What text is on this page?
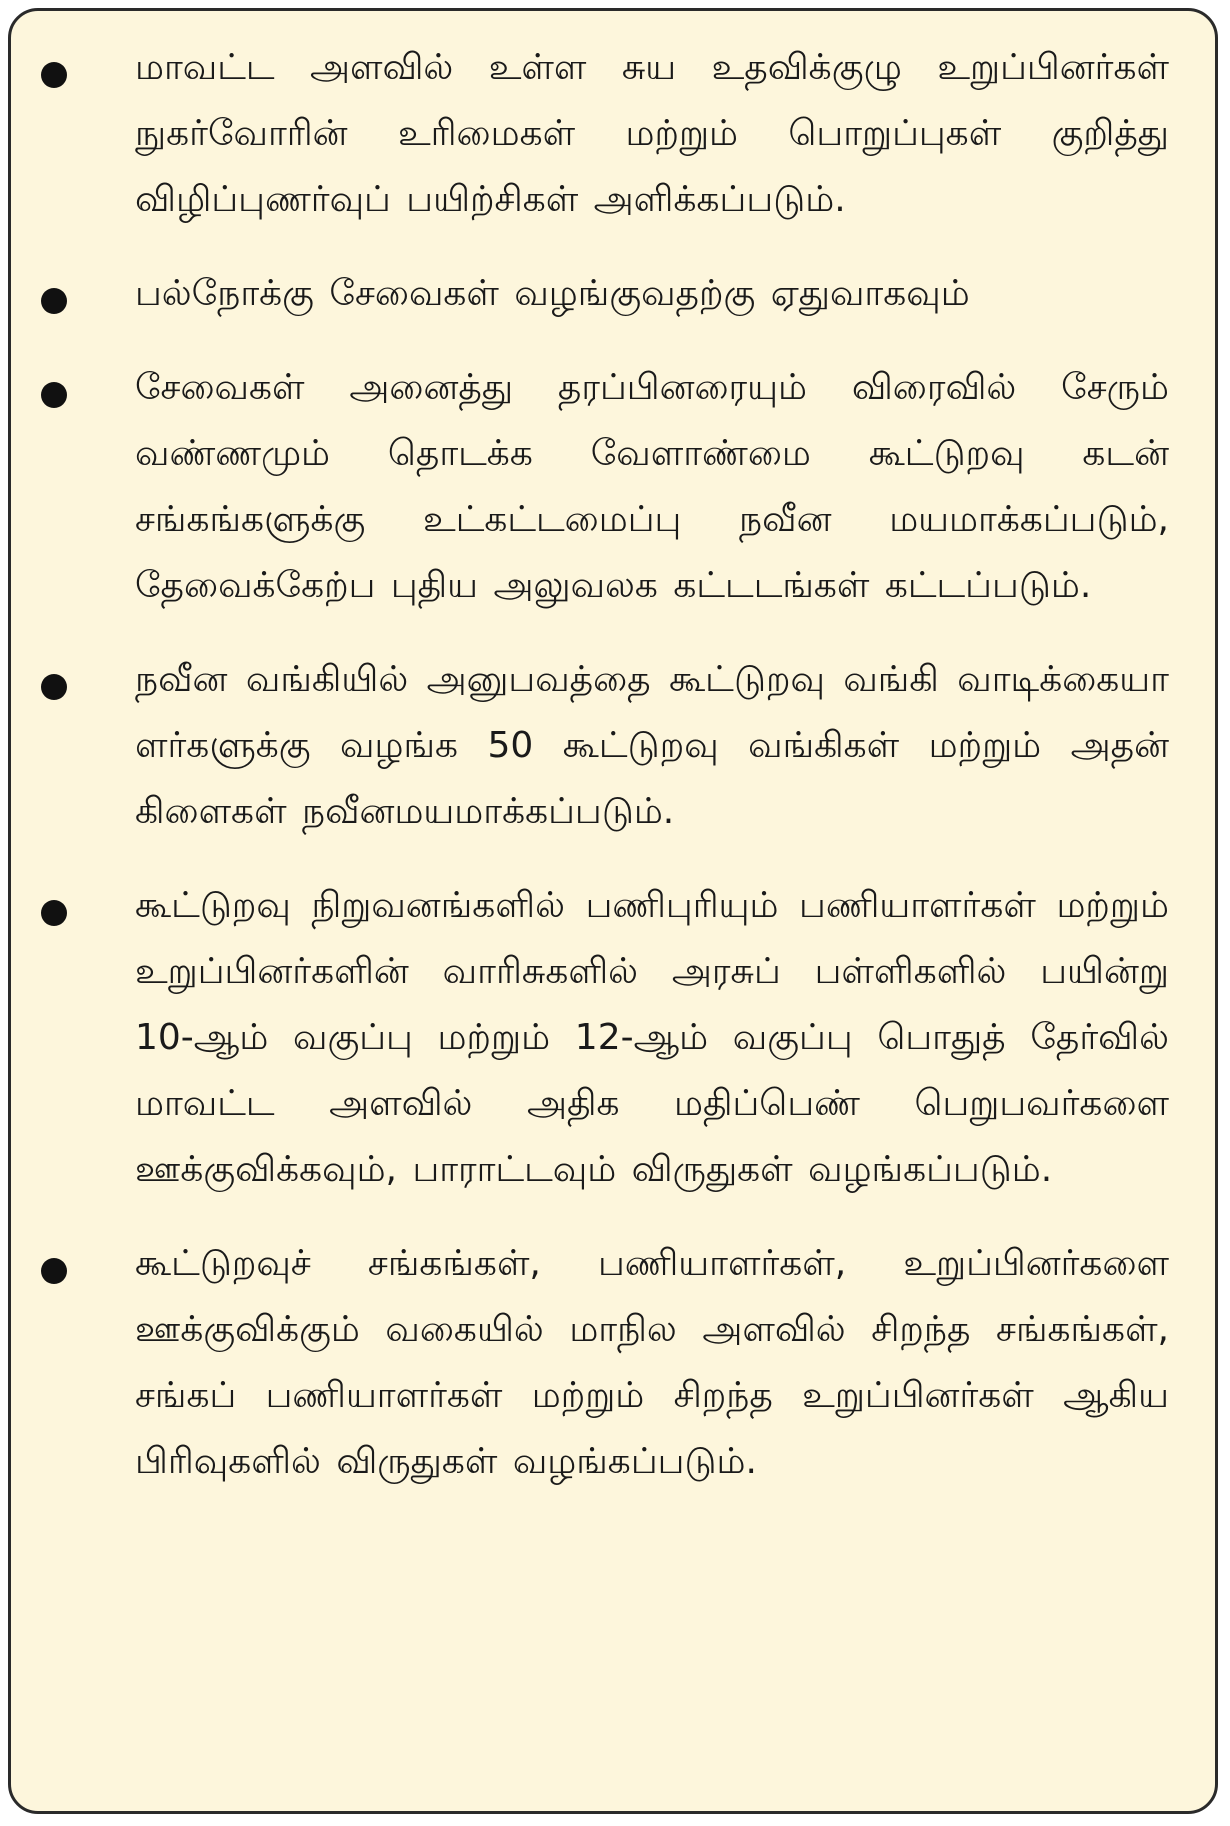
மாவட்ட அளவில் உள்ள சுய உதவிக்குழு உறுப்பினர்கள் நுகர்வோரின் உரிமைகள் மற்றும் பொறுப்புகள் குறித்து விழிப்புணர்வுப் பயிற்சிகள் அளிக்கப்படும்.
பல்நோக்கு சேவைகள் வழங்குவதற்கு ஏதுவாகவும்
சேவைகள் அனைத்து தரப்பினரையும் விரைவில் சேரும் வண்ணமும் தொடக்க வேளாண்மை கூட்டுறவு கடன் சங்கங்களுக்கு உட்கட்டமைப்பு நவீன மயமாக்கப்படும், தேவைக்கேற்ப புதிய அலுவலக கட்டடங்கள் கட்டப்படும்.
நவீன வங்கியில் அனுபவத்தை கூட்டுறவு வங்கி வாடிக்கையா ளர்களுக்கு வழங்க 50 கூட்டுறவு வங்கிகள் மற்றும் அதன் கிளைகள் நவீனமயமாக்கப்படும்.
கூட்டுறவு நிறுவனங்களில் பணிபுரியும் பணியாளர்கள் மற்றும் உறுப்பினர்களின் வாரிசுகளில் அரசுப் பள்ளிகளில் பயின்று 10-ஆம் வகுப்பு மற்றும் 12-ஆம் வகுப்பு பொதுத் தேர்வில் மாவட்ட அளவில் அதிக மதிப்பெண் பெறுபவர்களை ஊக்குவிக்கவும், பாராட்டவும் விருதுகள் வழங்கப்படும்.
கூட்டுறவுச் சங்கங்கள், பணியாளர்கள், உறுப்பினர்களை ஊக்குவிக்கும் வகையில் மாநில அளவில் சிறந்த சங்கங்கள், சங்கப் பணியாளர்கள் மற்றும் சிறந்த உறுப்பினர்கள் ஆகிய பிரிவுகளில் விருதுகள் வழங்கப்படும்.
